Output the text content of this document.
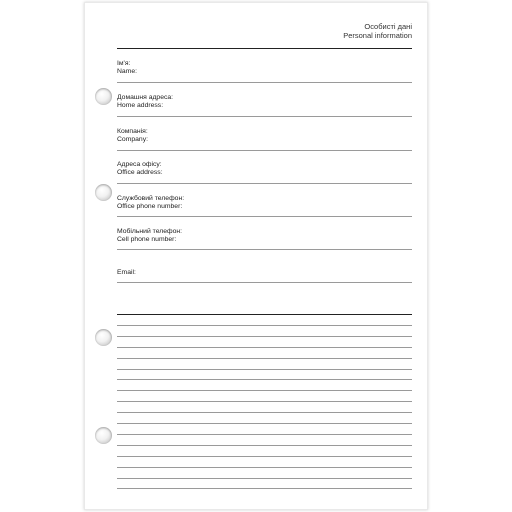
Особисті дані
Personal information
Ім'я:
Name:
Домашня адреса:
Home address:
Компанія:
Company:
Адреса офісу:
Office address:
Службовий телефон:
Office phone number:
Мобільний телефон:
Cell phone number:
Email:
